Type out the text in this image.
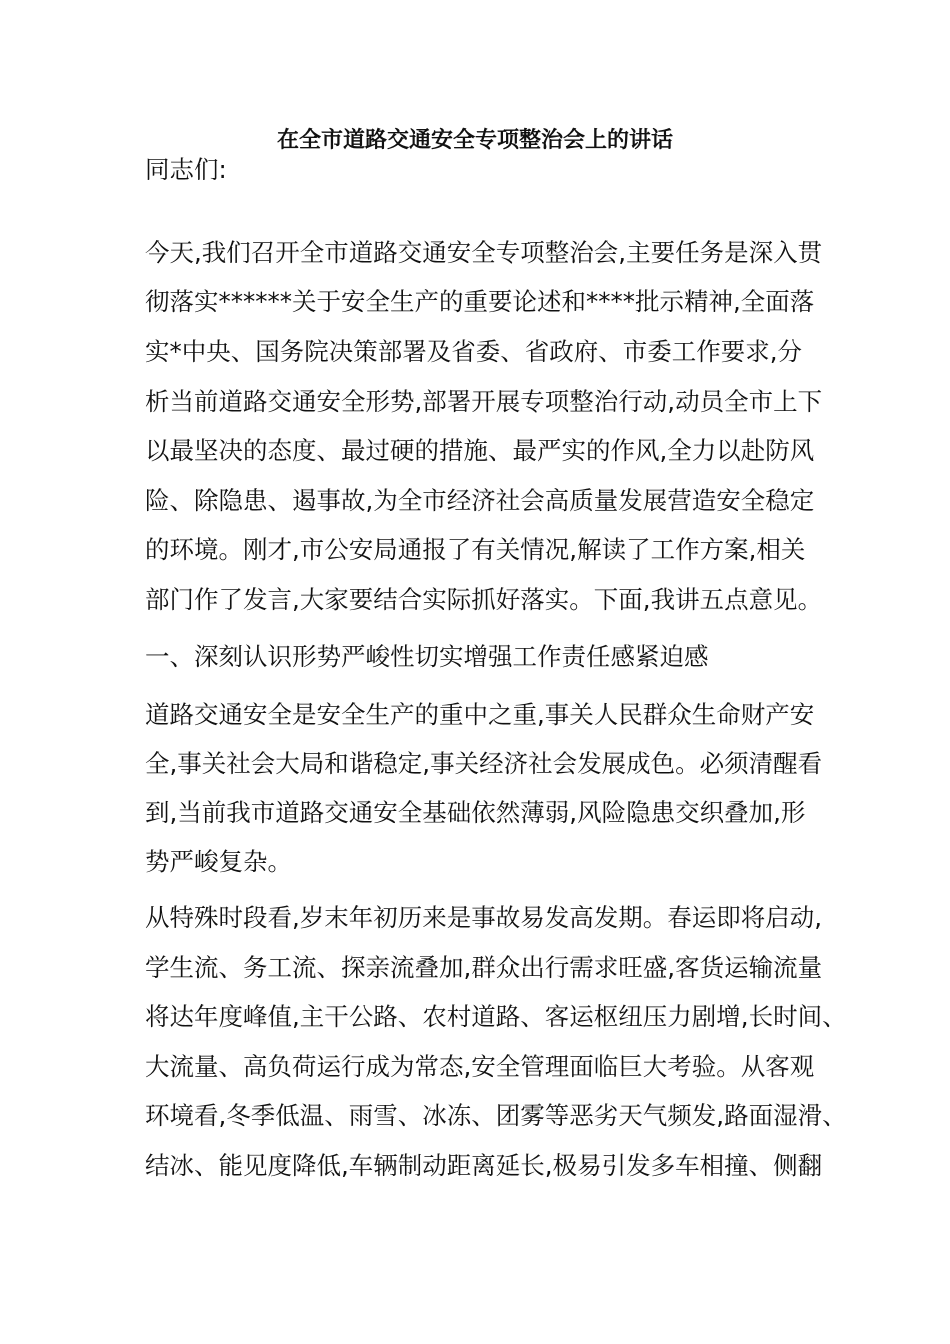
在全市道路交通安全专项整治会上的讲话
同志们:
今天,我们召开全市道路交通安全专项整治会,主要任务是深入贯
彻落实******关于安全生产的重要论述和****批示精神,全面落
实*中央、国务院决策部署及省委、省政府、市委工作要求,分
析当前道路交通安全形势,部署开展专项整治行动,动员全市上下
以最坚决的态度、最过硬的措施、最严实的作风,全力以赴防风
险、除隐患、遏事故,为全市经济社会高质量发展营造安全稳定
的环境。刚才,市公安局通报了有关情况,解读了工作方案,相关
部门作了发言,大家要结合实际抓好落实。下面,我讲五点意见。
一、深刻认识形势严峻性切实增强工作责任感紧迫感
道路交通安全是安全生产的重中之重,事关人民群众生命财产安
全,事关社会大局和谐稳定,事关经济社会发展成色。必须清醒看
到,当前我市道路交通安全基础依然薄弱,风险隐患交织叠加,形
势严峻复杂。
从特殊时段看,岁末年初历来是事故易发高发期。春运即将启动,
学生流、务工流、探亲流叠加,群众出行需求旺盛,客货运输流量
将达年度峰值,主干公路、农村道路、客运枢纽压力剧增,长时间、
大流量、高负荷运行成为常态,安全管理面临巨大考验。从客观
环境看,冬季低温、雨雪、冰冻、团雾等恶劣天气频发,路面湿滑、
结冰、能见度降低,车辆制动距离延长,极易引发多车相撞、侧翻
